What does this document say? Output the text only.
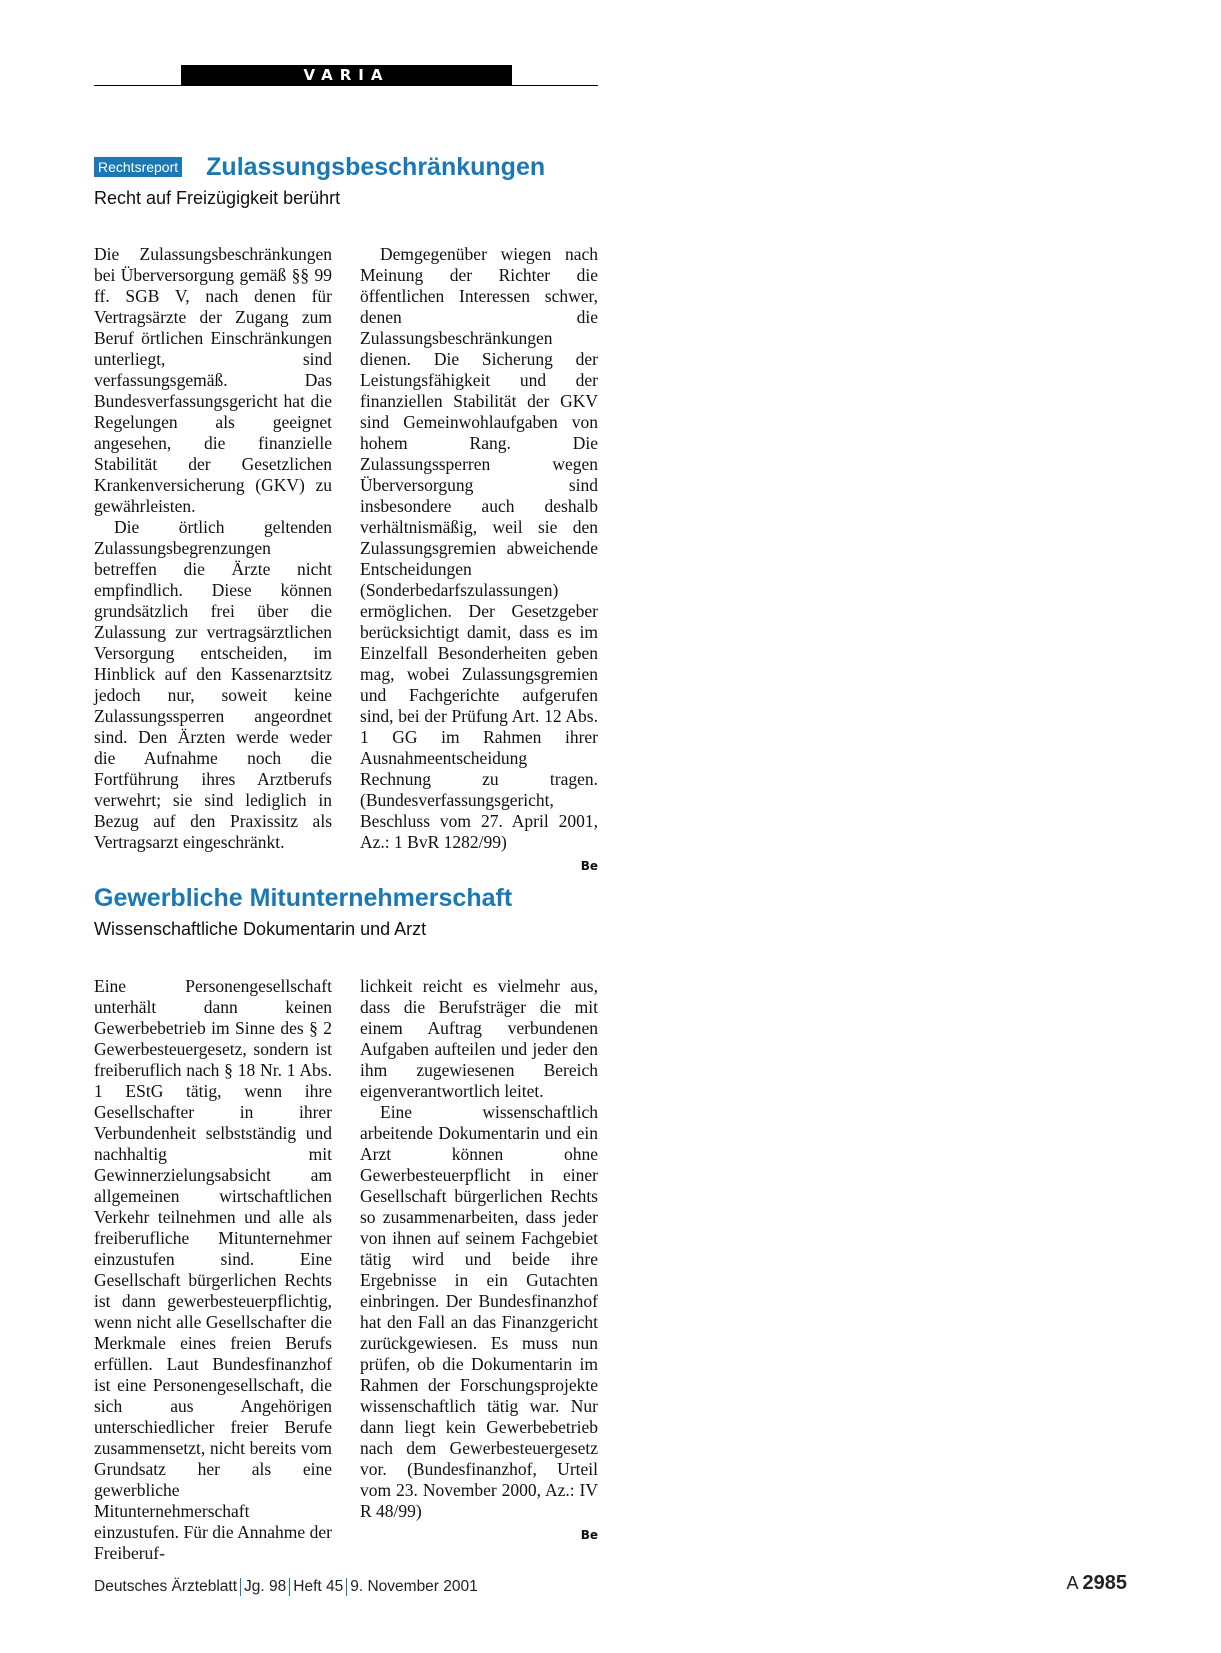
VARIA
Rechtsreport Zulassungsbeschränkungen
Recht auf Freizügigkeit berührt

Die Zulassungsbeschränkungen bei Überversorgung gemäß §§ 99 ff. SGB V, nach denen für Vertragsärzte der Zugang zum Beruf örtlichen Einschränkungen unterliegt, sind verfassungsgemäß. Das Bundesverfassungsgericht hat die Regelungen als geeignet angesehen, die finanzielle Stabilität der Gesetzlichen Krankenversicherung (GKV) zu gewährleisten.

Die örtlich geltenden Zulassungsbegrenzungen betreffen die Ärzte nicht empfindlich. Diese können grundsätzlich frei über die Zulassung zur vertragsärztlichen Versorgung entscheiden, im Hinblick auf den Kassenarztsitz jedoch nur, soweit keine Zulassungssperren angeordnet sind. Den Ärzten werde weder die Aufnahme noch die Fortführung ihres Arztberufs verwehrt; sie sind lediglich in Bezug auf den Praxissitz als Vertragsarzt eingeschränkt.

Demgegenüber wiegen nach Meinung der Richter die öffentlichen Interessen schwer, denen die Zulassungsbeschränkungen dienen. Die Sicherung der Leistungsfähigkeit und der finanziellen Stabilität der GKV sind Gemeinwohlaufgaben von hohem Rang. Die Zulassungssperren wegen Überversorgung sind insbesondere auch deshalb verhältnismäßig, weil sie den Zulassungsgremien abweichende Entscheidungen (Sonderbedarfszulassungen) ermöglichen. Der Gesetzgeber berücksichtigt damit, dass es im Einzelfall Besonderheiten geben mag, wobei Zulassungsgremien und Fachgerichte aufgerufen sind, bei der Prüfung Art. 12 Abs. 1 GG im Rahmen ihrer Ausnahmeentscheidung Rechnung zu tragen. (Bundesverfassungsgericht, Beschluss vom 27. April 2001, Az.: 1 BvR 1282/99)

Be
Gewerbliche Mitunternehmerschaft
Wissenschaftliche Dokumentarin und Arzt

Eine Personengesellschaft unterhält dann keinen Gewerbebetrieb im Sinne des § 2 Gewerbesteuergesetz, sondern ist freiberuflich nach § 18 Nr. 1 Abs. 1 EStG tätig, wenn ihre Gesellschafter in ihrer Verbundenheit selbstständig und nachhaltig mit Gewinnerzielungsabsicht am allgemeinen wirtschaftlichen Verkehr teilnehmen und alle als freiberufliche Mitunternehmer einzustufen sind. Eine Gesellschaft bürgerlichen Rechts ist dann gewerbesteuerpflichtig, wenn nicht alle Gesellschafter die Merkmale eines freien Berufs erfüllen. Laut Bundesfinanzhof ist eine Personengesellschaft, die sich aus Angehörigen unterschiedlicher freier Berufe zusammensetzt, nicht bereits vom Grundsatz her als eine gewerbliche Mitunternehmerschaft einzustufen. Für die Annahme der Freiberuf-

lichkeit reicht es vielmehr aus, dass die Berufsträger die mit einem Auftrag verbundenen Aufgaben aufteilen und jeder den ihm zugewiesenen Bereich eigenverantwortlich leitet.

Eine wissenschaftlich arbeitende Dokumentarin und ein Arzt können ohne Gewerbesteuerpflicht in einer Gesellschaft bürgerlichen Rechts so zusammenarbeiten, dass jeder von ihnen auf seinem Fachgebiet tätig wird und beide ihre Ergebnisse in ein Gutachten einbringen. Der Bundesfinanzhof hat den Fall an das Finanzgericht zurückgewiesen. Es muss nun prüfen, ob die Dokumentarin im Rahmen der Forschungsprojekte wissenschaftlich tätig war. Nur dann liegt kein Gewerbebetrieb nach dem Gewerbesteuergesetz vor. (Bundesfinanzhof, Urteil vom 23. November 2000, Az.: IV R 48/99)

Be
Deutsches Ärzteblatt Jg. 98 Heft 45 9. November 2001	A 2985
